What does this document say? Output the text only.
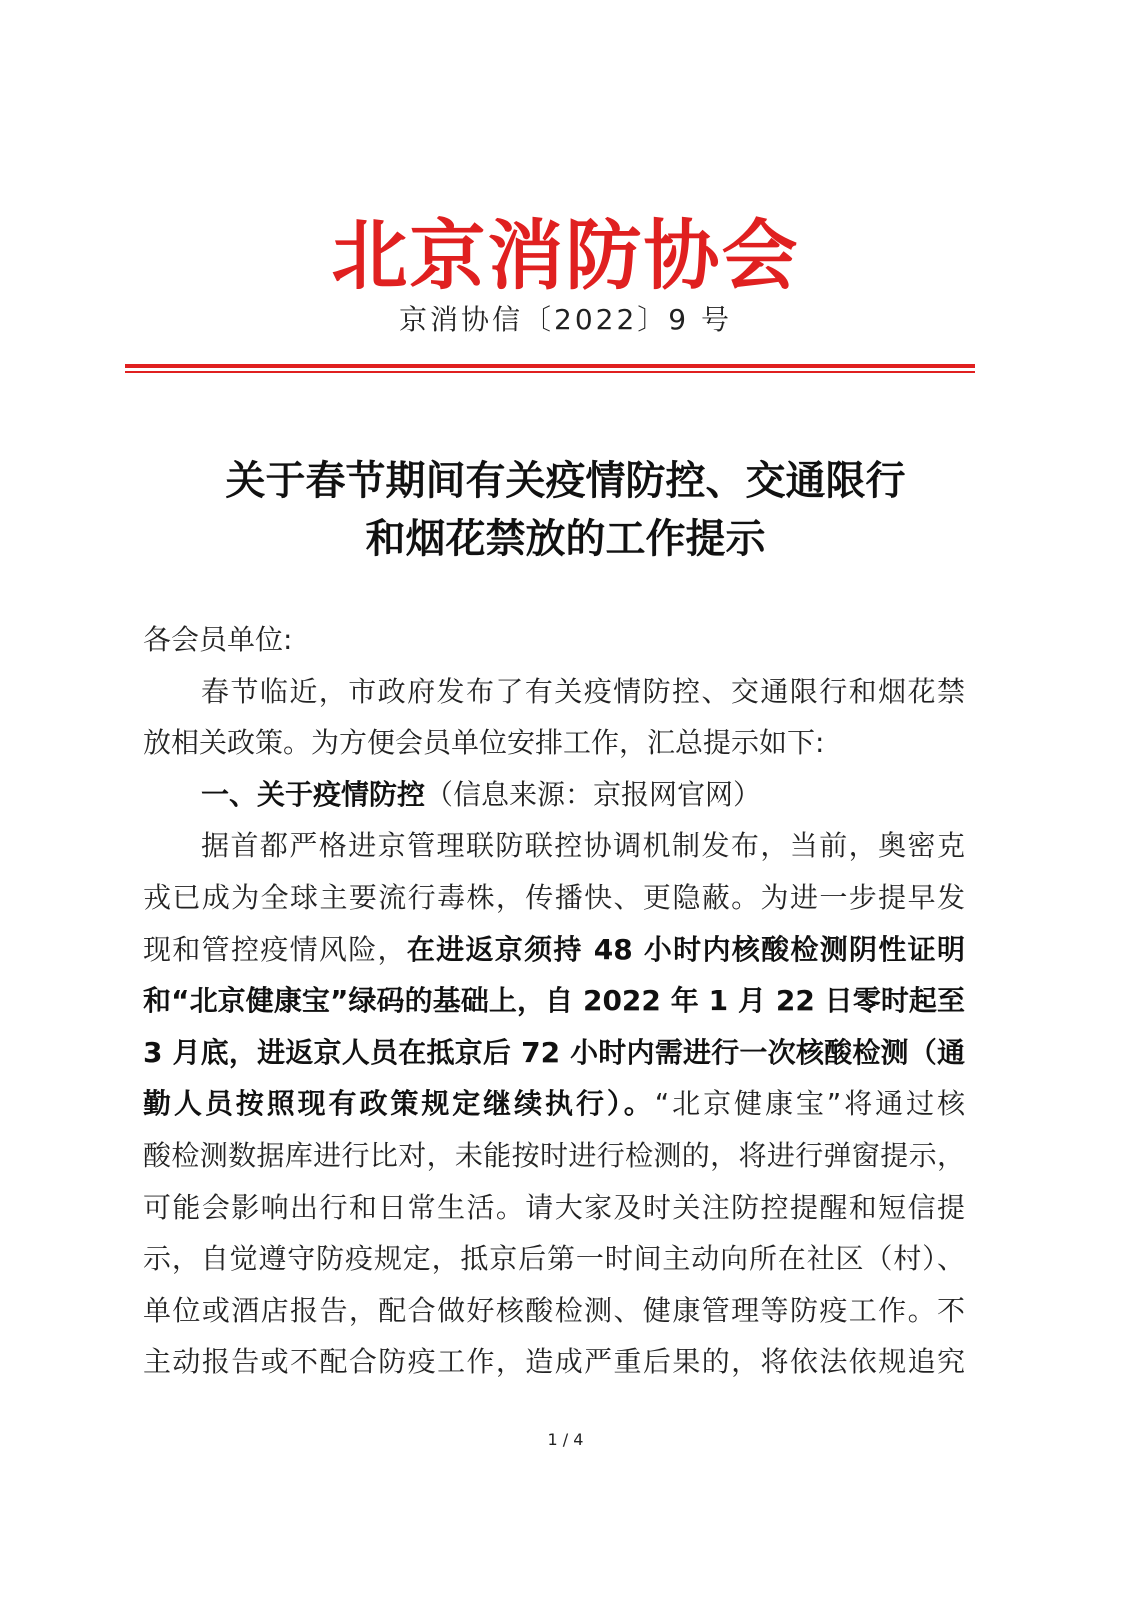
北京消防协会
京消协信〔2022〕9 号
关于春节期间有关疫情防控、交通限行
和烟花禁放的工作提示
各会员单位:
春节临近，市政府发布了有关疫情防控、交通限行和烟花禁
放相关政策。为方便会员单位安排工作，汇总提示如下:
一、关于疫情防控（信息来源：京报网官网）
据首都严格进京管理联防联控协调机制发布，当前，奥密克
戎已成为全球主要流行毒株，传播快、更隐蔽。为进一步提早发
现和管控疫情风险，在进返京须持 48 小时内核酸检测阴性证明
和“北京健康宝”绿码的基础上，自 2022 年 1 月 22 日零时起至
3 月底，进返京人员在抵京后 72 小时内需进行一次核酸检测（通
勤人员按照现有政策规定继续执行）。“北京健康宝”将通过核
酸检测数据库进行比对，未能按时进行检测的，将进行弹窗提示，
可能会影响出行和日常生活。请大家及时关注防控提醒和短信提
示，自觉遵守防疫规定，抵京后第一时间主动向所在社区（村）、
单位或酒店报告，配合做好核酸检测、健康管理等防疫工作。不
主动报告或不配合防疫工作，造成严重后果的，将依法依规追究
1 / 4
